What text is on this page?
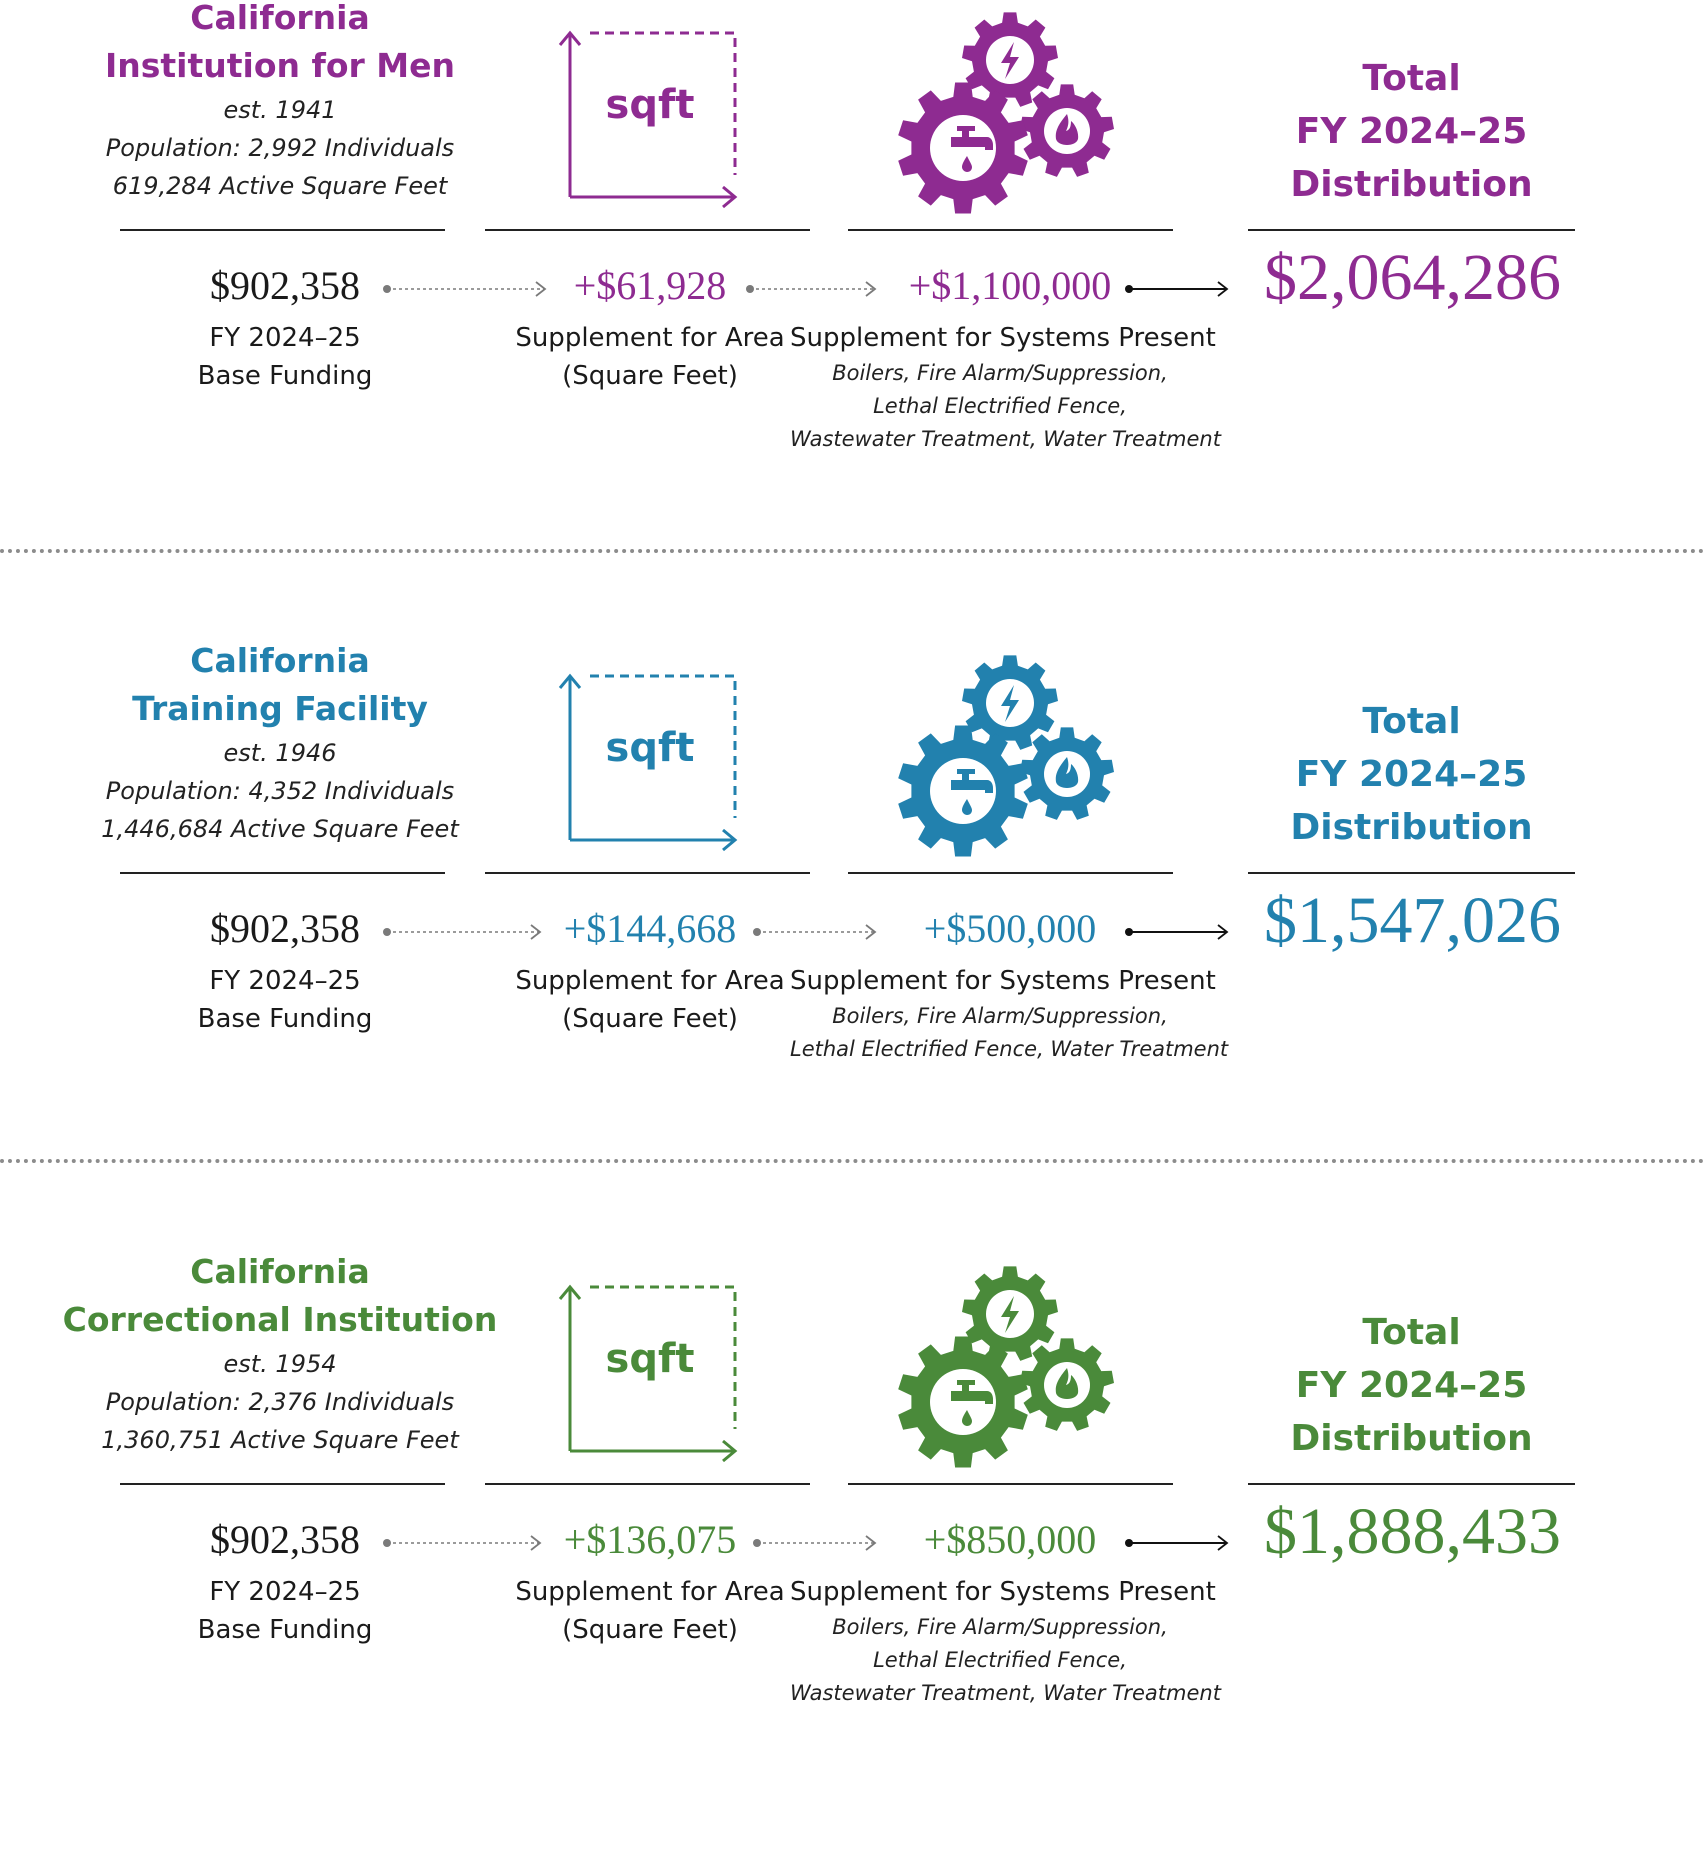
California
Institution for Men
est. 1941
Population: 2,992 Individuals
619,284 Active Square Feet
sqft
Total
FY 2024–25
Distribution
$902,358	+$61,928	+$1,100,000	$2,064,286
FY 2024–25
Base Funding
Supplement for Area
(Square Feet)
Supplement for Systems Present
Boilers, Fire Alarm/Suppression,
Lethal Electrified Fence,
Wastewater Treatment, Water Treatment
California
Training Facility
est. 1946
Population: 4,352 Individuals
1,446,684 Active Square Feet
sqft
Total
FY 2024–25
Distribution
$902,358	+$144,668	+$500,000	$1,547,026
FY 2024–25
Base Funding
Supplement for Area
(Square Feet)
Supplement for Systems Present
Boilers, Fire Alarm/Suppression,
Lethal Electrified Fence, Water Treatment
California
Correctional Institution
est. 1954
Population: 2,376 Individuals
1,360,751 Active Square Feet
sqft
Total
FY 2024–25
Distribution
$902,358	+$136,075	+$850,000	$1,888,433
FY 2024–25
Base Funding
Supplement for Area
(Square Feet)
Supplement for Systems Present
Boilers, Fire Alarm/Suppression,
Lethal Electrified Fence,
Wastewater Treatment, Water Treatment
